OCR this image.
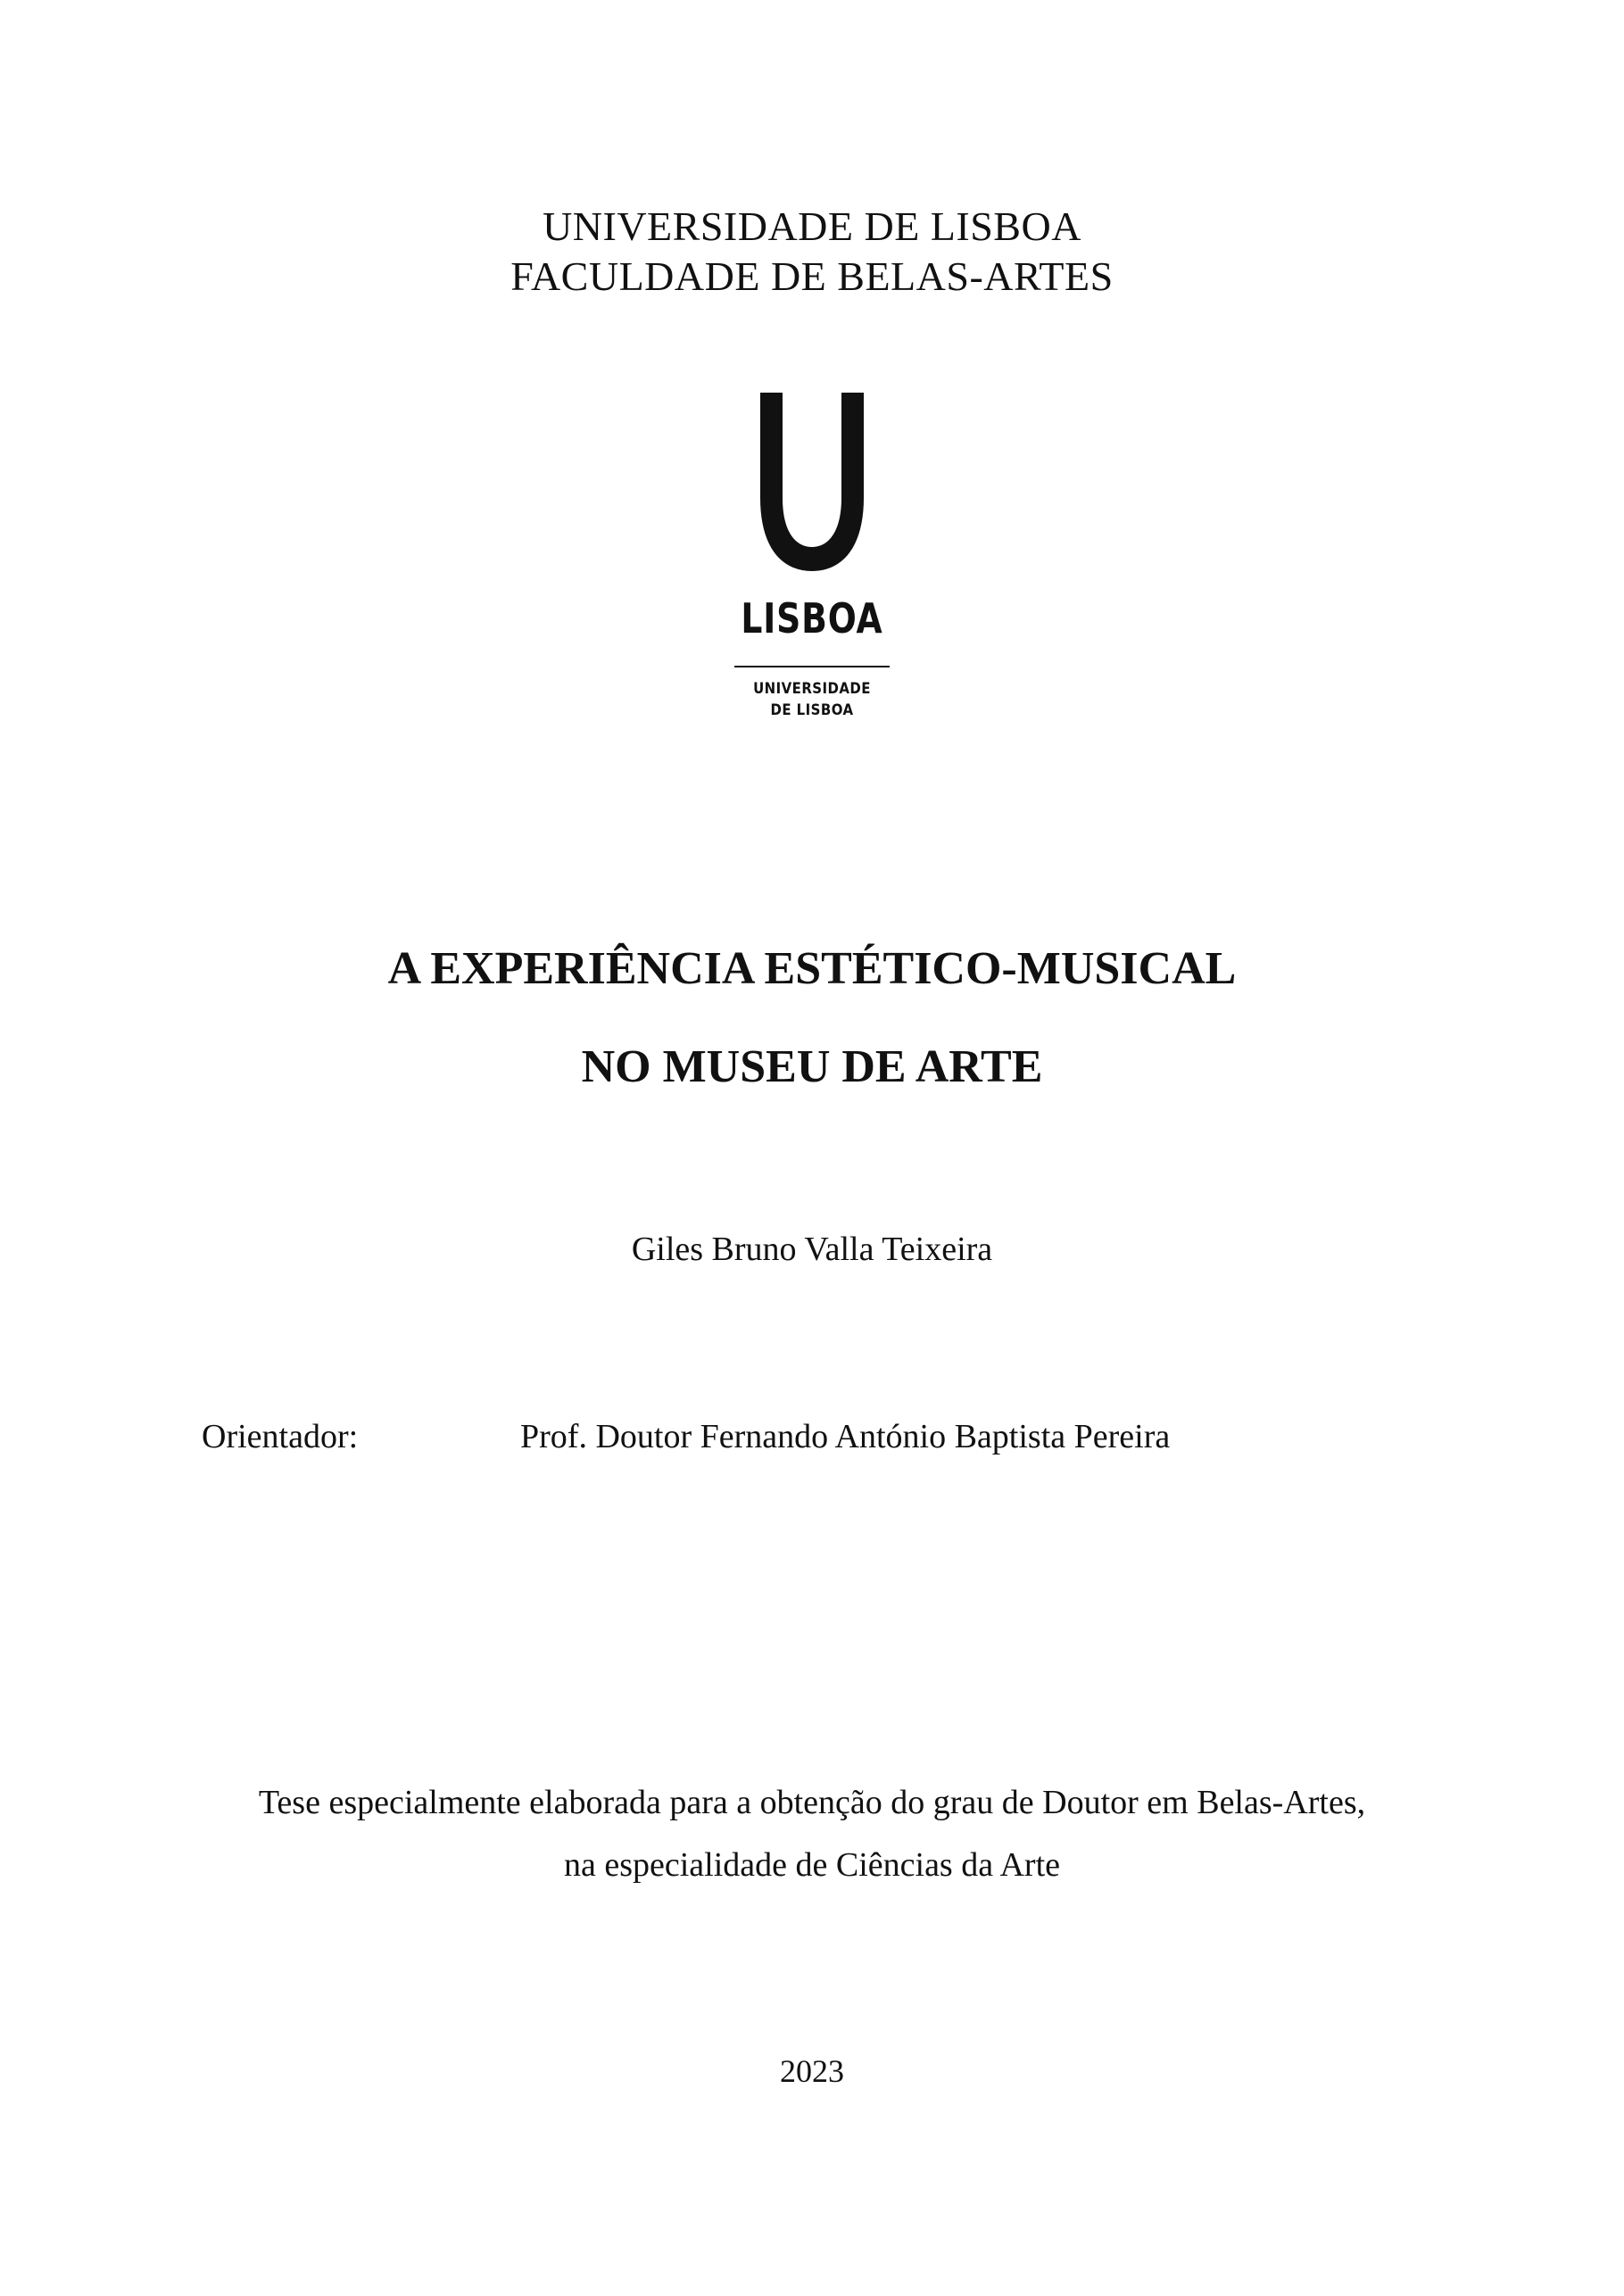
UNIVERSIDADE DE LISBOA
FACULDADE DE BELAS-ARTES
LISBOA
UNIVERSIDADE
DE LISBOA
A EXPERIÊNCIA ESTÉTICO-MUSICAL
NO MUSEU DE ARTE
Giles Bruno Valla Teixeira
Orientador:	Prof. Doutor Fernando António Baptista Pereira
Tese especialmente elaborada para a obtenção do grau de Doutor em Belas-Artes,
na especialidade de Ciências da Arte
2023
